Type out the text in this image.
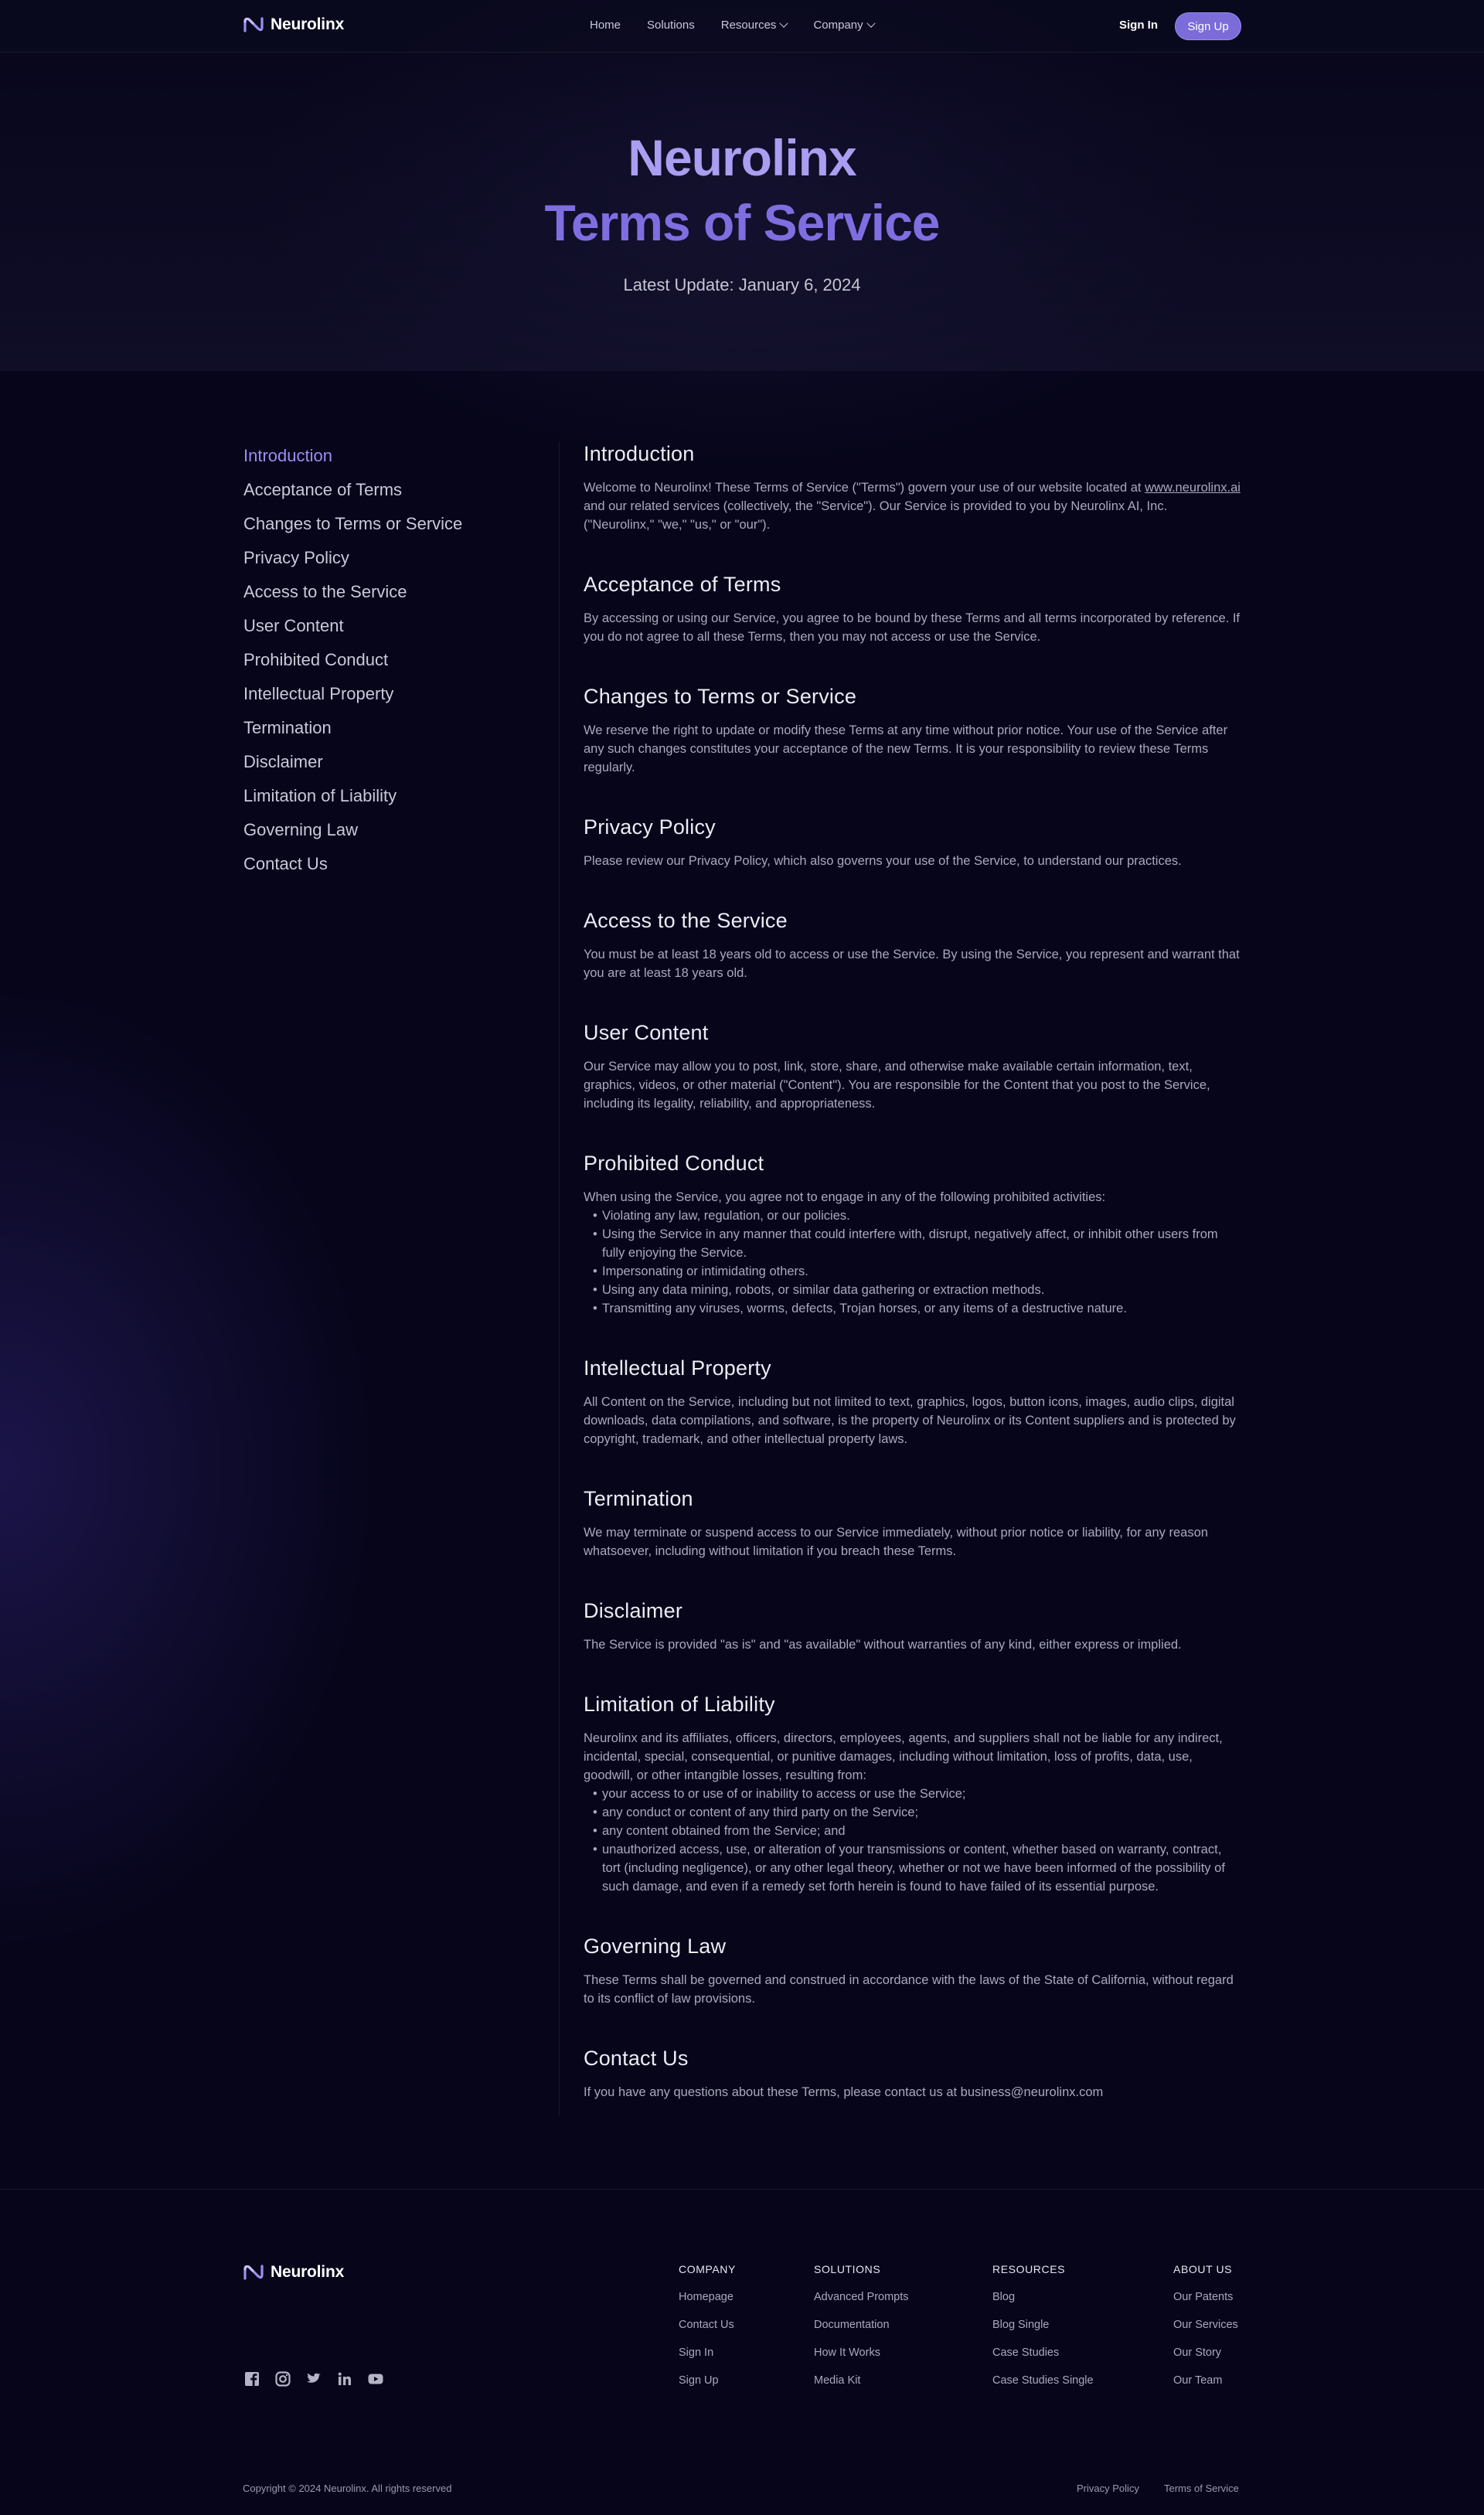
Neurolinx	Home Solutions Resources	Company	Sign In	Sign Up
Neurolinx
Terms of Service
Latest Update: January 6, 2024
Introduction
Acceptance of Terms
Changes to Terms or Service
Privacy Policy
Access to the Service
User Content
Prohibited Conduct
Intellectual Property
Termination
Disclaimer
Limitation of Liability
Governing Law
Contact Us
Introduction

Welcome to Neurolinx! These Terms of Service ("Terms") govern your use of our website located at www.neurolinx.ai and our related services (collectively, the "Service"). Our Service is provided to you by Neurolinx AI, Inc. ("Neurolinx," "we," "us," or "our").

Acceptance of Terms

By accessing or using our Service, you agree to be bound by these Terms and all terms incorporated by reference. If you do not agree to all these Terms, then you may not access or use the Service.

Changes to Terms or Service

We reserve the right to update or modify these Terms at any time without prior notice. Your use of the Service after any such changes constitutes your acceptance of the new Terms. It is your responsibility to review these Terms regularly.

Privacy Policy

Please review our Privacy Policy, which also governs your use of the Service, to understand our practices.

Access to the Service

You must be at least 18 years old to access or use the Service. By using the Service, you represent and warrant that you are at least 18 years old.

User Content

Our Service may allow you to post, link, store, share, and otherwise make available certain information, text, graphics, videos, or other material ("Content"). You are responsible for the Content that you post to the Service, including its legality, reliability, and appropriateness.

Prohibited Conduct

When using the Service, you agree not to engage in any of the following prohibited activities:

• Violating any law, regulation, or our policies.
• Using the Service in any manner that could interfere with, disrupt, negatively affect, or inhibit other users from fully enjoying the Service.
• Impersonating or intimidating others.
• Using any data mining, robots, or similar data gathering or extraction methods.
• Transmitting any viruses, worms, defects, Trojan horses, or any items of a destructive nature.
Intellectual Property

All Content on the Service, including but not limited to text, graphics, logos, button icons, images, audio clips, digital downloads, data compilations, and software, is the property of Neurolinx or its Content suppliers and is protected by copyright, trademark, and other intellectual property laws.

Termination

We may terminate or suspend access to our Service immediately, without prior notice or liability, for any reason whatsoever, including without limitation if you breach these Terms.

Disclaimer

The Service is provided "as is" and "as available" without warranties of any kind, either express or implied.

Limitation of Liability

Neurolinx and its affiliates, officers, directors, employees, agents, and suppliers shall not be liable for any indirect, incidental, special, consequential, or punitive damages, including without limitation, loss of profits, data, use, goodwill, or other intangible losses, resulting from:

• your access to or use of or inability to access or use the Service;
• any conduct or content of any third party on the Service;
• any content obtained from the Service; and
• unauthorized access, use, or alteration of your transmissions or content, whether based on warranty, contract, tort (including negligence), or any other legal theory, whether or not we have been informed of the possibility of such damage, and even if a remedy set forth herein is found to have failed of its essential purpose.
Governing Law

These Terms shall be governed and construed in accordance with the laws of the State of California, without regard to its conflict of law provisions.

Contact Us

If you have any questions about these Terms, please contact us at business@neurolinx.com

Neurolinx	COMPANY
Homepage
Contact Us
Sign In
Sign Up
SOLUTIONS
Advanced Prompts
Documentation
How It Works
Media Kit
RESOURCES
Blog
Blog Single
Case Studies
Case Studies Single
ABOUT US
Our Patents
Our Services
Our Story
Our Team
Copyright © 2024 Neurolinx. All rights reserved	Privacy Policy Terms of Service
